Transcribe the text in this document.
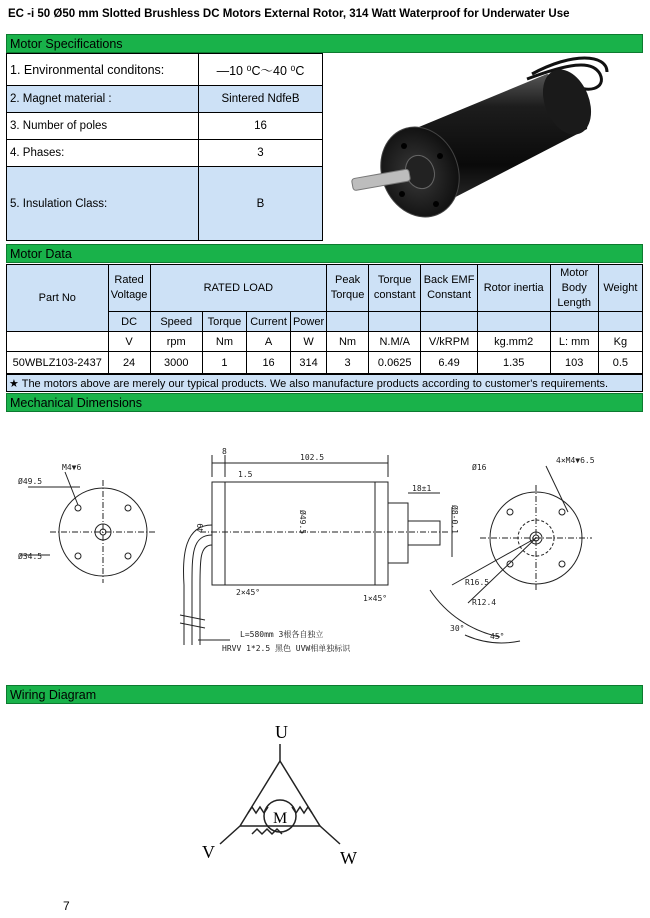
EC -i 50 Ø50 mm Slotted Brushless DC Motors External Rotor, 314 Watt Waterproof for Underwater Use
Motor Specifications
1. Environmental conditons:	—10 ⁰C～40 ⁰C
2. Magnet material :	Sintered NdfeB
3. Number of poles	16
4. Phases:	3
5. Insulation Class:	B
Motor Data
Part No	Rated Voltage	RATED LOAD				Peak Torque	Torque constant	Back EMF Constant	Rotor inertia	Motor Body Length	Weight
	DC	Speed	Torque	Current	Power						
	V	rpm	Nm	A	W	Nm	N.M/A	V/kRPM	kg.mm2	L: mm	Kg
50WBLZ103-2437	24	3000	1	16	314	3	0.0625	6.49	1.35	103	0.5
★ The motors above are merely our typical products. We also manufacture products according to customer's requirements.
Mechanical Dimensions
Ø49.5
M4▼6
Ø34.5
8
1.5
102.5
18±1
Ø8-0.1
Ø49.5
49
2×45°
1×45°
Ø16
4×M4▼6.5
R16.5
R12.4
30°
45°
L=580mm 3根各自独立
HRVV 1*2.5 黑色 UVW相单独标识
Wiring Diagram
U
V	W
M
7
